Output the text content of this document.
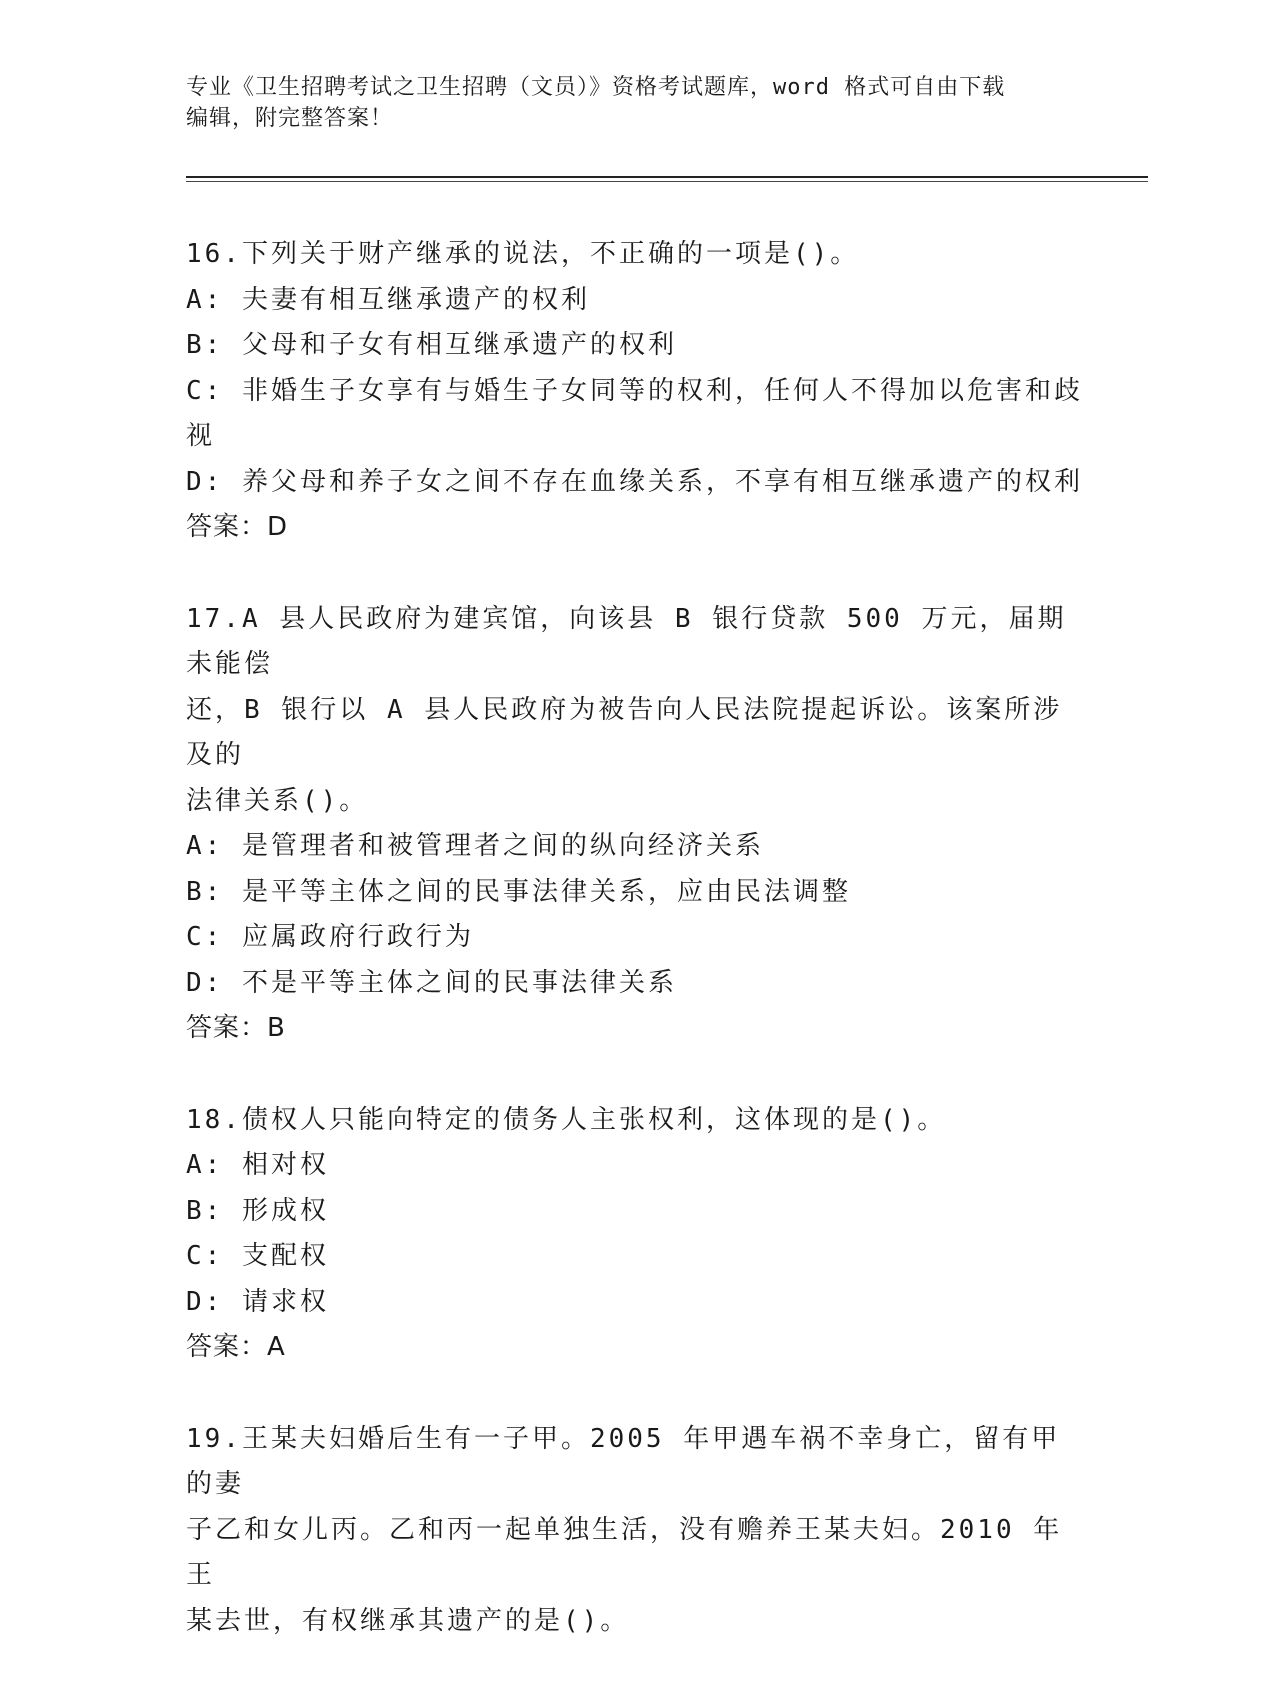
专业《卫生招聘考试之卫生招聘（文员）》资格考试题库，word 格式可自由下载
编辑，附完整答案！
16.下列关于财产继承的说法，不正确的一项是()。
A: 夫妻有相互继承遗产的权利
B: 父母和子女有相互继承遗产的权利
C: 非婚生子女享有与婚生子女同等的权利，任何人不得加以危害和歧
视
D: 养父母和养子女之间不存在血缘关系，不享有相互继承遗产的权利
答案：D
17.A 县人民政府为建宾馆，向该县 B 银行贷款 500 万元，届期未能偿
还，B 银行以 A 县人民政府为被告向人民法院提起诉讼。该案所涉及的
法律关系()。
A: 是管理者和被管理者之间的纵向经济关系
B: 是平等主体之间的民事法律关系，应由民法调整
C: 应属政府行政行为
D: 不是平等主体之间的民事法律关系
答案：B
18.债权人只能向特定的债务人主张权利，这体现的是()。
A: 相对权
B: 形成权
C: 支配权
D: 请求权
答案：A
19.王某夫妇婚后生有一子甲。2005 年甲遇车祸不幸身亡，留有甲的妻
子乙和女儿丙。乙和丙一起单独生活，没有赡养王某夫妇。2010 年王
某去世，有权继承其遗产的是()。
